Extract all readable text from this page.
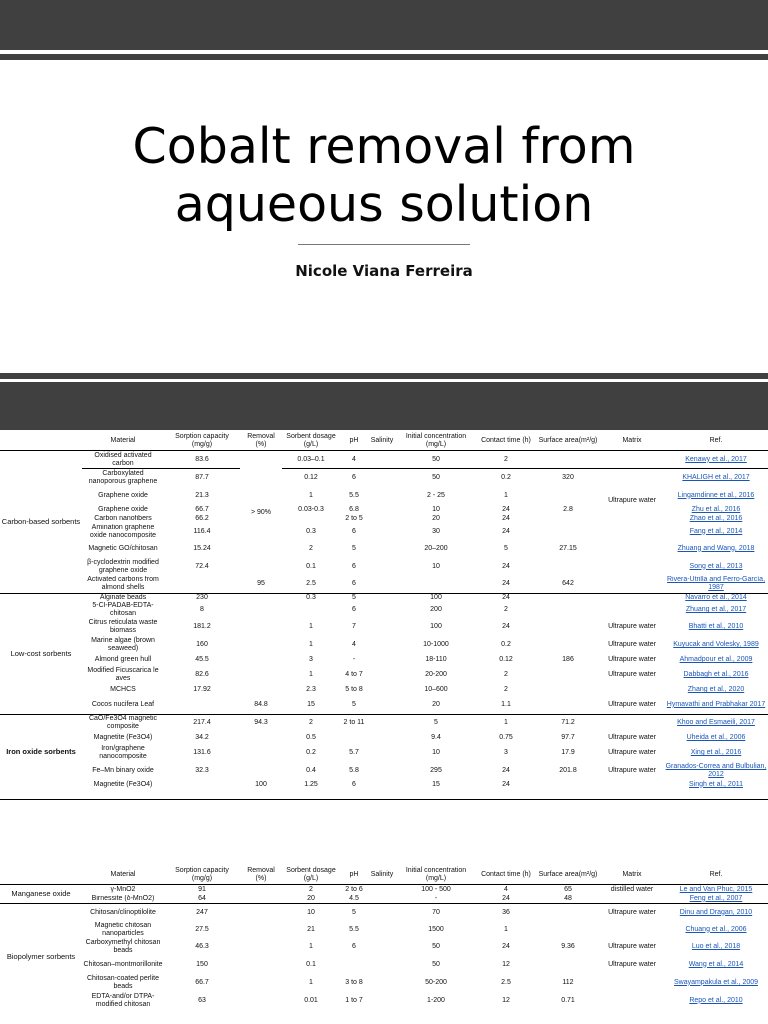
Cobalt removal from
aqueous solution
Nicole Viana Ferreira
	Material	Sorption capacity (mg/g)	Removal (%)	Sorbent dosage (g/L)	pH	Salinity	Initial concentration (mg/L)	Contact time (h)	Surface area(m²/g)	Matrix	Ref.
Carbon-based sorbents	Oxidised activated carbon	83.6	> 90%	0.03–0.1	4		50	2			Kenawy et al., 2017
	Carboxylated nanoporous graphene	87.7		0.12	6		50	0.2	320		KHALIGH et al., 2017
	Graphene oxide	21.3		1	5.5		2 - 25	1		Ultrapure water	Lingamdinne et al., 2016
	Graphene oxide	66.7		0.03-0.3	6.8		10	24	2.8		Zhu et al., 2016
	Carbon nanofibers	66.2			2 to 5		20	24			Zhao et al., 2016
	Amination graphene oxide nanocomposite	116.4		0.3	6		30	24			Fang et al., 2014
	Magnetic GO/chitosan	15.24		2	5		20–200	5	27.15		Zhuang and Wang, 2018
	β-cyclodextrin modified graphene oxide	72.4		0.1	6		10	24			Song et al., 2013
	Activated carbons from almond shells		95	2.5	6			24	642		Rivera-Utrilla and Ferro-García, 1987
Low-cost sorbents	Alginate beads	230		0.3	5		100	24			Navarro et al., 2014
	5-Cl-PADAB-EDTA-chitosan	8			6		200	2			Zhuang et al., 2017
	Citrus reticulata waste biomass	181.2		1	7		100	24		Ultrapure water	Bhatti et al., 2010
	Marine algae (brown seaweed)	160		1	4		10-1000	0.2		Ultrapure water	Kuyucak and Volesky, 1989
	Almond green hull	45.5		3	-		18-110	0.12	186	Ultrapure water	Ahmadpour et al., 2009
	Modified Ficuscarica le aves	82.6		1	4 to 7		20-200	2		Ultrapure water	Dabbagh et al., 2016
	MCHCS	17.92		2.3	5 to 8		10–600	2			Zhang et al., 2020
	Cocos nucifera Leaf		84.8	15	5		20	1.1		Ultrapure water	Hymavathi and Prabhakar 2017
Iron oxide sorbents	CaO/Fe3O4 magnetic composite	217.4	94.3	2	2 to 11		5	1	71.2		Khoo and Esmaeili, 2017
	Magnetite (Fe3O4)	34.2		0.5			9.4	0.75	97.7	Ultrapure water	Uheida et al., 2006
	Iron/graphene nanocomposite	131.6		0.2	5.7		10	3	17.9	Ultrapure water	Xing et al., 2016
	Fe–Mn binary oxide	32.3		0.4	5.8		295	24	201.8	Ultrapure water	Granados-Correa and Bulbulian, 2012
	Magnetite (Fe3O4)		100	1.25	6		15	24			Singh et al., 2011
	Material	Sorption capacity (mg/g)	Removal (%)	Sorbent dosage (g/L)	pH	Salinity	Initial concentration (mg/L)	Contact time (h)	Surface area(m²/g)	Matrix	Ref.
Manganese oxide	γ-MnO2	91		2	2 to 6		100 - 500	4	65	distilled water	Le and Van Phuc, 2015
	Birnessite (δ-MnO2)	64		20	4.5		-	24	48		Feng et al., 2007
Biopolymer sorbents	Chitosan/clinoptilolite	247		10	5		70	36		Ultrapure water	Dinu and Dragan, 2010
	Magnetic chitosan nanoparticles	27.5		21	5.5		1500	1			Chuang et al., 2006
	Carboxymethyl chitosan beads	46.3		1	6		50	24	9.36	Ultrapure water	Luo et al., 2018
	Chitosan–montmorillonite	150		0.1			50	12		Ultrapure water	Wang et al., 2014
	Chitosan-coated perlite beads	66.7		1	3 to 8		50-200	2.5	112		Swayampakula et al., 2009
	EDTA-and/or DTPA-modified chitosan	63		0.01	1 to 7		1-200	12	0.71		Repo et al., 2010
